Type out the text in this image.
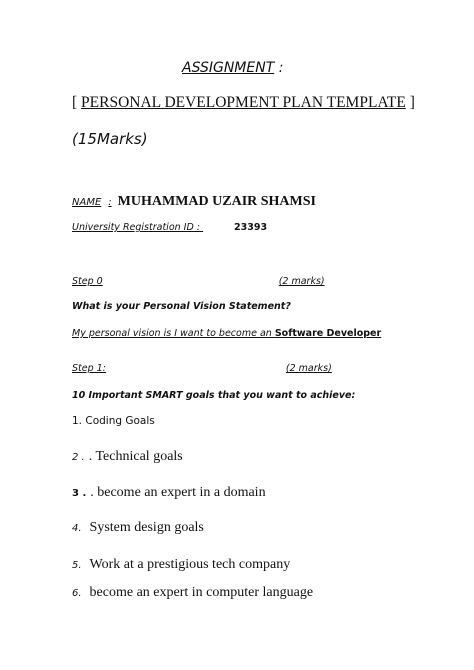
ASSIGNMENT :
[ PERSONAL DEVELOPMENT PLAN TEMPLATE ]
(15Marks)
NAME : MUHAMMAD UZAIR SHAMSI
University Registration ID :	23393
Step 0	(2 marks)
What is your Personal Vision Statement?
My personal vision is I want to become an Software Developer
Step 1:	(2 marks)
10 Important SMART goals that you want to achieve:
1. Coding Goals
2 . . Technical goals
3 . . become an expert in a domain
4. System design goals
5. Work at a prestigious tech company
6. become an expert in computer language
